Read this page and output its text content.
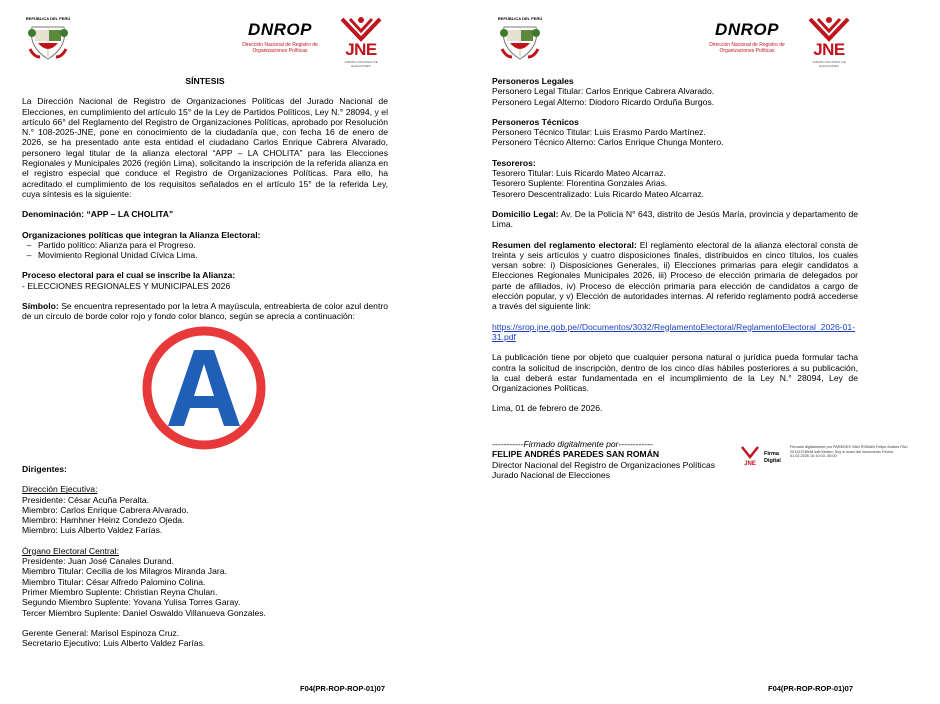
REPÚBLICA DEL PERÚ
DNROP
Dirección Nacional de Registro de
Organizaciones Políticas	JNE
JURADO NACIONAL DE ELECCIONES

SÍNTESIS

La Dirección Nacional de Registro de Organizaciones Políticas del Jurado Nacional de Elecciones, en cumplimiento del artículo 15° de la Ley de Partidos Políticos, Ley N.° 28094, y el artículo 66° del Reglamento del Registro de Organizaciones Políticas, aprobado por Resolución N.° 108-2025-JNE, pone en conocimiento de la ciudadanía que, con fecha 16 de enero de 2026, se ha presentado ante esta entidad el ciudadano Carlos Enrique Cabrera Alvarado, personero legal titular de la alianza electoral “APP – LA CHOLITA” para las Elecciones Regionales y Municipales 2026 (región Lima), solicitando la inscripción de la referida alianza en el registro especial que conduce el Registro de Organizaciones Políticas. Para ello, ha acreditado el cumplimiento de los requisitos señalados en el artículo 15° de la referida Ley, cuya síntesis es la siguiente:

Denominación: “APP – LA CHOLITA”

Organizaciones políticas que integran la Alianza Electoral:

– Partido político: Alianza para el Progreso.

– Movimiento Regional Unidad Cívica Lima.

Proceso electoral para el cual se inscribe la Alianza:

- ELECCIONES REGIONALES Y MUNICIPALES 2026

Símbolo: Se encuentra representado por la letra A mayúscula, entreabierta de color azul dentro de un círculo de borde color rojo y fondo color blanco, según se aprecia a continuación:

A

Dirigentes:

Dirección Ejecutiva:

Presidente: César Acuña Peralta.

Miembro: Carlos Enrique Cabrera Alvarado.

Miembro: Hamhner Heinz Condezo Ojeda.

Miembro: Luis Alberto Valdez Farías.

Órgano Electoral Central:

Presidente: Juan José Canales Durand.

Miembro Titular: Cecilia de los Milagros Miranda Jara.

Miembro Titular: César Alfredo Palomino Colina.

Primer Miembro Suplente: Christian Reyna Chulan.

Segundo Miembro Suplente: Yovana Yulisa Torres Garay.

Tercer Miembro Suplente: Daniel Oswaldo Villanueva Gonzales.

Gerente General: Marisol Espinoza Cruz.

Secretario Ejecutivo: Luis Alberto Valdez Farías.

F04(PR-ROP-ROP-01)07
REPÚBLICA DEL PERÚ
DNROP
Dirección Nacional de Registro de
Organizaciones Políticas	JNE
JURADO NACIONAL DE ELECCIONES

Personeros Legales

Personero Legal Titular: Carlos Enrique Cabrera Alvarado.

Personero Legal Alterno: Diodoro Ricardo Orduña Burgos.

Personeros Técnicos

Personero Técnico Titular: Luis Erasmo Pardo Martínez.

Personero Técnico Alterno: Carlos Enrique Chunga Montero.

Tesoreros:

Tesorero Titular: Luis Ricardo Mateo Alcarraz.

Tesorero Suplente: Florentina Gonzales Arias.

Tesorero Descentralizado: Luis Ricardo Mateo Alcarraz.

Domicilio Legal: Av. De la Policía N° 643, distrito de Jesús María, provincia y departamento de Lima.

Resumen del reglamento electoral: El reglamento electoral de la alianza electoral consta de treinta y seis artículos y cuatro disposiciones finales, distribuidos en cinco títulos, los cuales versan sobre: i) Disposiciones Generales, ii) Elecciones primarias para elegir candidatos a Elecciones Regionales Municipales 2026, iii) Proceso de elección primaria de delegados por parte de afiliados, iv) Proceso de elección primaria para elección de candidatos a cargo de elección popular, y v) Elección de autoridades internas. Al referido reglamento podrá accederse a través del siguiente link:

https://srop.jne.gob.pe//Documentos/3032/ReglamentoElectoral/ReglamentoElectoral_2026-01-31.pdf

La publicación tiene por objeto que cualquier persona natural o jurídica pueda formular tacha contra la solicitud de inscripción, dentro de los cinco días hábiles posteriores a su publicación, la cual deberá estar fundamentada en el incumplimiento de la Ley N.° 28094, Ley de Organizaciones Políticas.

Lima, 01 de febrero de 2026.

-----------Firmado digitalmente por------------

FELIPE ANDRÉS PAREDES SAN ROMÁN

Director Nacional del Registro de Organizaciones Políticas

Jurado Nacional de Elecciones

JNE
Firma
Digital
Firmado digitalmente por PAREDES SAN ROMAN Felipe Andres FAU 20131378548 soft Motivo: Soy el autor del documento Fecha: 01.02.2026 10:10:03 -05:00
F04(PR-ROP-ROP-01)07
